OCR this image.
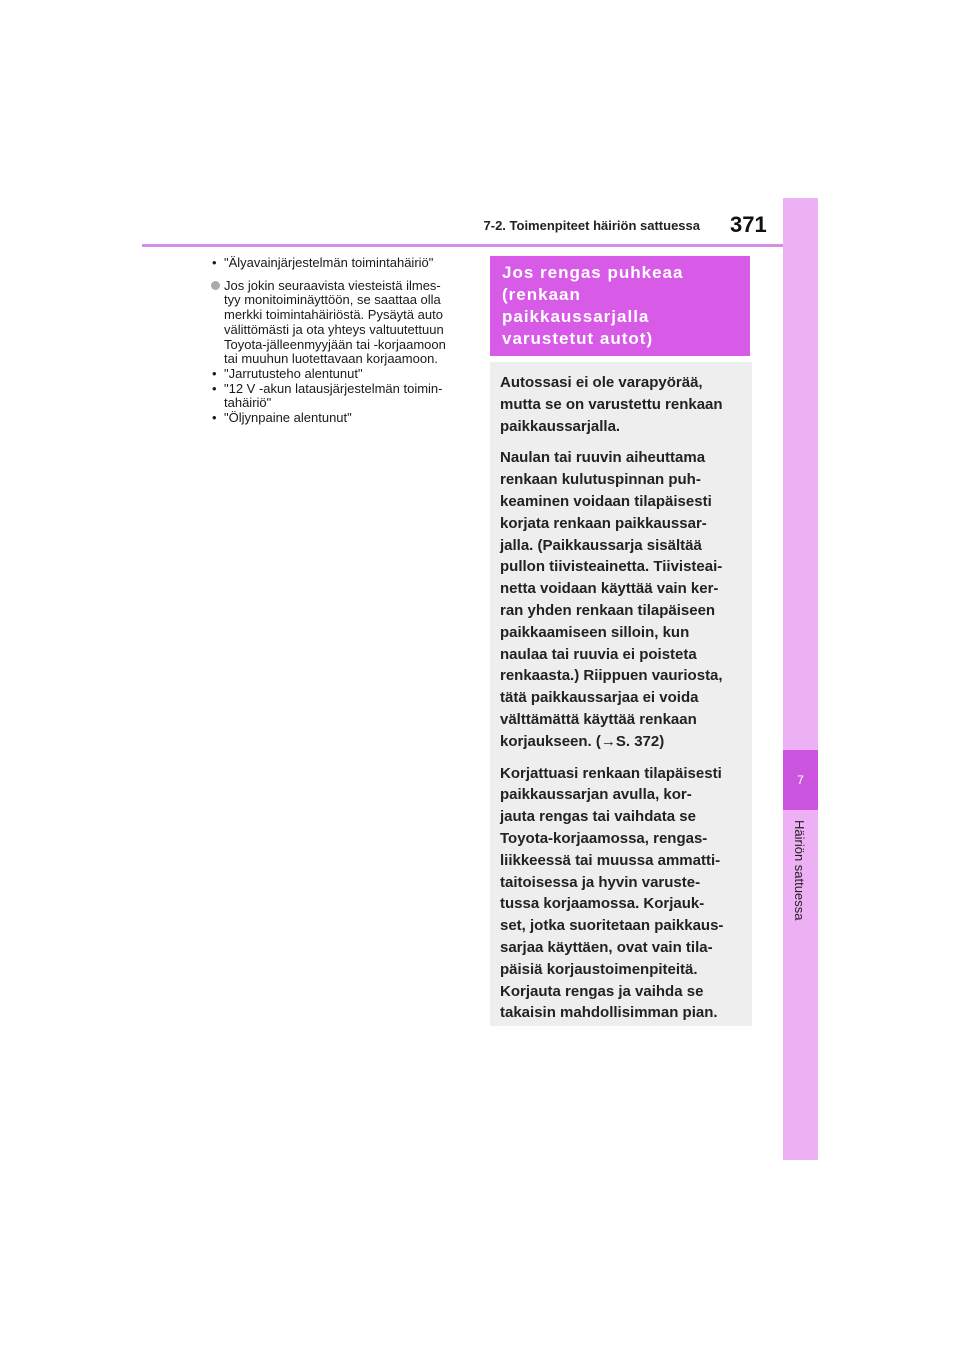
7-2. Toimenpiteet häiriön sattuessa 371
7
Häiriön sattuessa
• "Älyavainjärjestelmän toimintahäiriö"
Jos jokin seuraavista viesteistä ilmes-
tyy monitoiminäyttöön, se saattaa olla
merkki toimintahäiriöstä. Pysäytä auto
välittömästi ja ota yhteys valtuutettuun
Toyota-jälleenmyyjään tai -korjaamoon
tai muuhun luotettavaan korjaamoon.
• "Jarrutusteho alentunut"
• "12 V -akun latausjärjestelmän toimin-
tahäiriö"
• "Öljynpaine alentunut"
Jos rengas puhkeaa
(renkaan
paikkaussarjalla
varustetut autot)

Autossasi ei ole varapyörää,
mutta se on varustettu renkaan
paikkaussarjalla.

Naulan tai ruuvin aiheuttama
renkaan kulutuspinnan puh-
keaminen voidaan tilapäisesti
korjata renkaan paikkaussar-
jalla. (Paikkaussarja sisältää
pullon tiivisteainetta. Tiivisteai-
netta voidaan käyttää vain ker-
ran yhden renkaan tilapäiseen
paikkaamiseen silloin, kun
naulaa tai ruuvia ei poisteta
renkaasta.) Riippuen vauriosta,
tätä paikkaussarjaa ei voida
välttämättä käyttää renkaan
korjaukseen. (→S. 372)

Korjattuasi renkaan tilapäisesti
paikkaussarjan avulla, kor-
jauta rengas tai vaihdata se
Toyota-korjaamossa, rengas-
liikkeessä tai muussa ammatti-
taitoisessa ja hyvin varuste-
tussa korjaamossa. Korjauk-
set, jotka suoritetaan paikkaus-
sarjaa käyttäen, ovat vain tila-
päisiä korjaustoimenpiteitä.
Korjauta rengas ja vaihda se
takaisin mahdollisimman pian.
